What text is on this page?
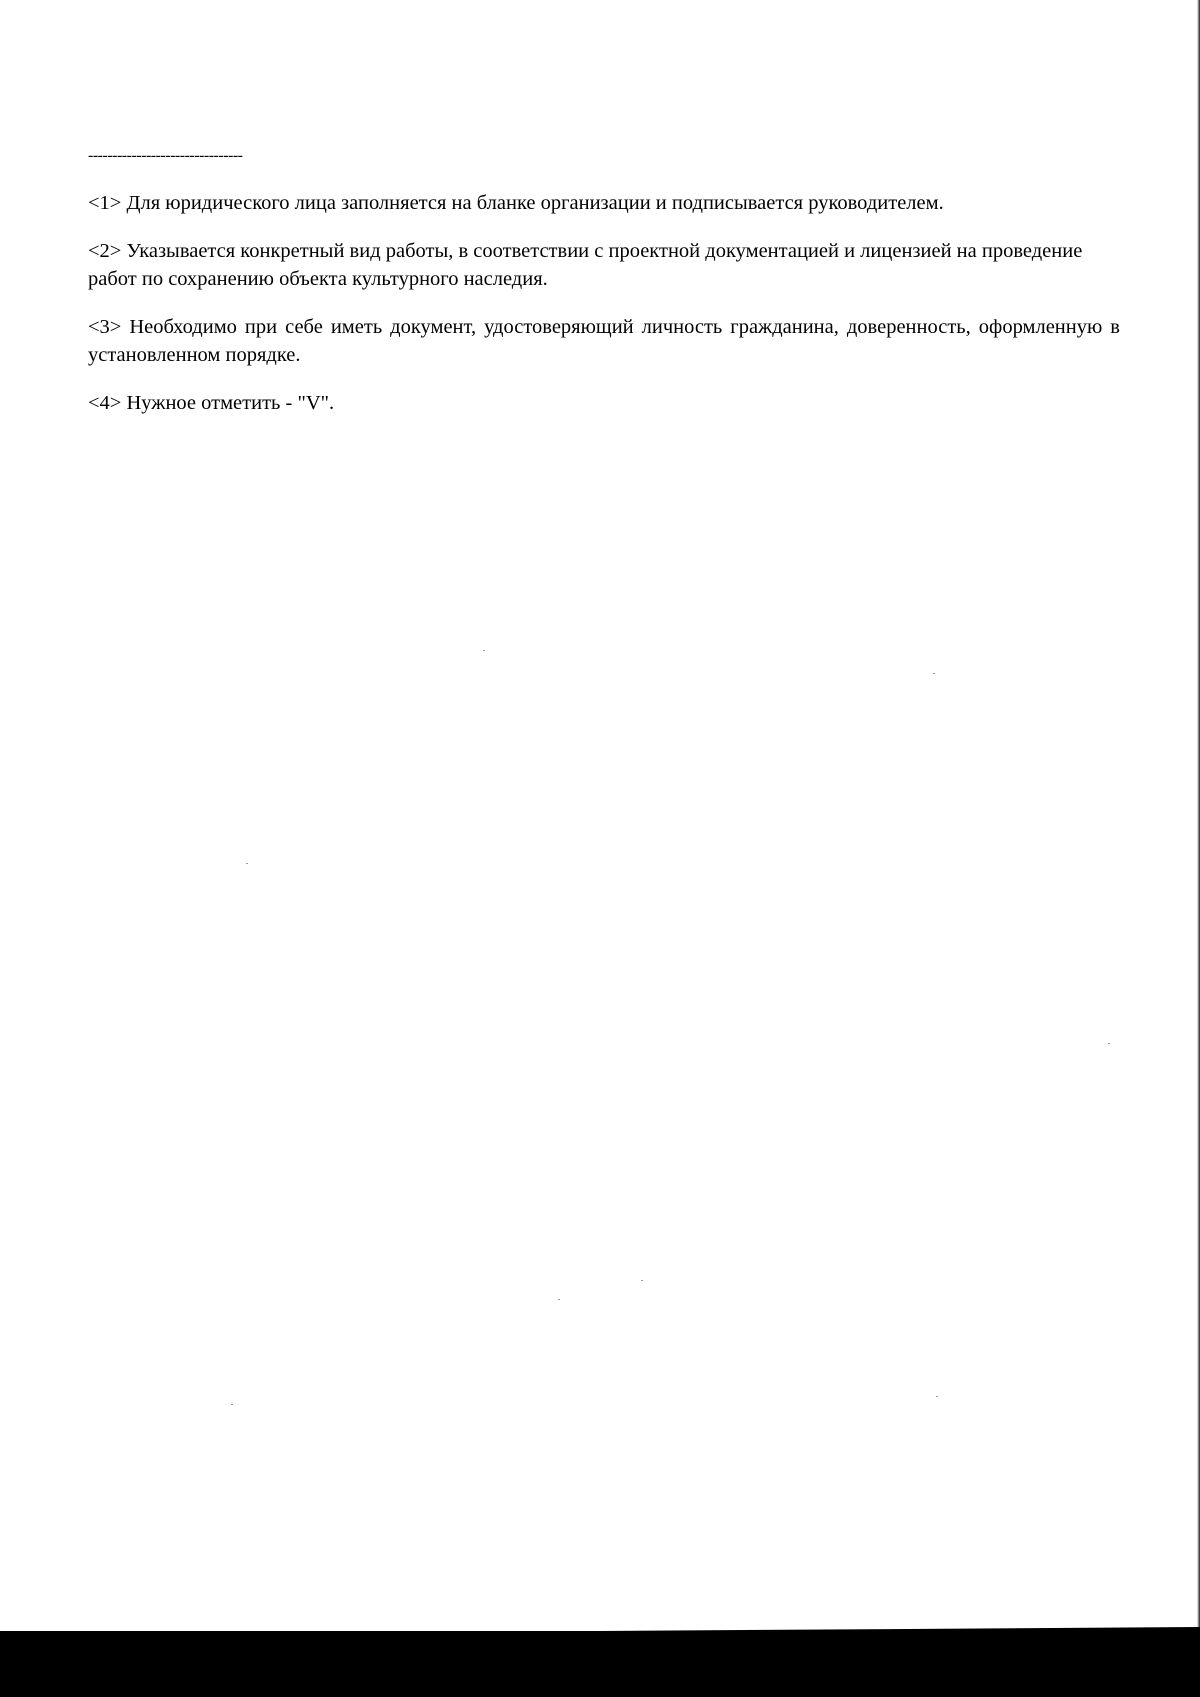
--------------------------------

<1> Для юридического лица заполняется на бланке организации и подписывается руководителем.

<2> Указывается конкретный вид работы, в соответствии с проектной документацией и лицензией на проведение работ по сохранению объекта культурного наследия.

<3> Необходимо при себе иметь документ, удостоверяющий личность гражданина, доверенность, оформленную в установленном порядке.

<4> Нужное отметить - "V".
